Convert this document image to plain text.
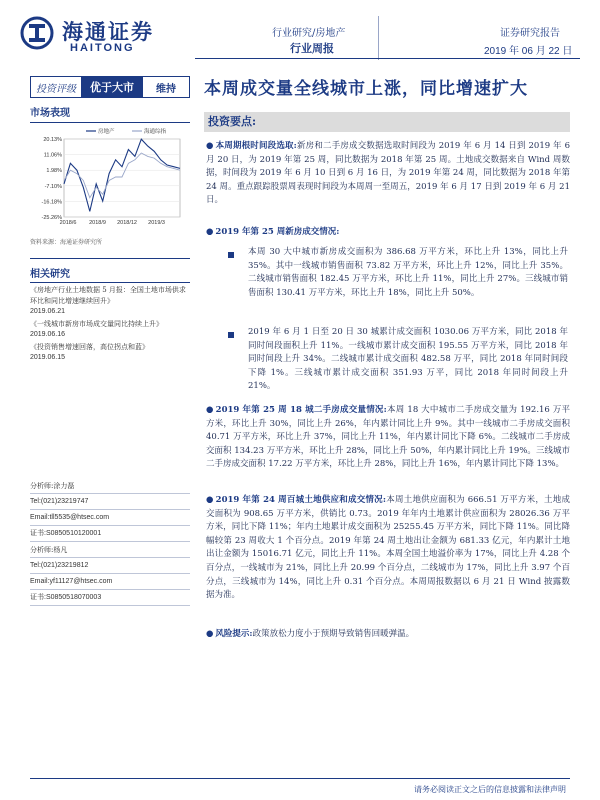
海通证券
HAITONG
行业研究/房地产
行业周报
证券研究报告
2019 年 06 月 22 日
投资评级	优于大市	维持	本周成交量全线城市上涨，同比增速扩大
市场表现
20.13%
11.06%
1.98%
-7.10%
-16.18%
-25.26%
2018/6 2018/9 2018/12 2019/3
房地产	海通综指
资料来源：海通证券研究所
相关研究
《房地产行业土地数据 5 月报：全国土地市场供求环比和同比增速继续回升》
2019.06.21
《一线城市新房市场成交量同比持续上升》
2019.06.16
《投资销售增速回落，高位拐点和蓝》
2019.06.15
分析师:涂力磊
Tel:(021)23219747
Email:tll5535@htsec.com
证书:S0850510120001
分析师:杨凡
Tel:(021)23219812
Email:yf11127@htsec.com
证书:S0850518070003
投资要点:
● 本周期根时间段选取:新房和二手房成交数据选取时间段为 2019 年 6 月 14 日到 2019 年 6 月 20 日，为 2019 年第 25 周，同比数据为 2018 年第 25 周。土地成交数据来自 Wind 周数据，时间段为 2019 年 6 月 10 日到 6 月 16 日，为 2019 年第 24 周，同比数据为 2018 年第 24 周。重点跟踪股票周表现时间段为本周周一至周五，2019 年 6 月 17 日到 2019 年 6 月 21 日。
● 2019 年第 25 周新房成交情况:
本周 30 大中城市新房成交面积为 386.68 万平方米，环比上升 13%，同比上升 35%。其中一线城市销售面积 73.82 万平方米，环比上升 12%，同比上升 35%。二线城市销售面积 182.45 万平方米，环比上升 11%，同比上升 27%。三线城市销售面积 130.41 万平方米，环比上升 18%，同比上升 50%。
2019 年 6 月 1 日至 20 日 30 城累计成交面积 1030.06 万平方米，同比 2018 年同时间段面积上升 11%。一线城市累计成交面积 195.55 万平方米，同比 2018 年同时间段上升 34%。二线城市累计成交面积 482.58 万平，同比 2018 年同时间段下降 1%。三线城市累计成交面积 351.93 万平，同比 2018 年同时间段上升 21%。
● 2019 年第 25 周 18 城二手房成交量情况:本周 18 大中城市二手房成交量为 192.16 万平方米，环比上升 30%，同比上升 26%，年内累计同比上升 9%。其中一线城市二手房成交面积 40.71 万平方米，环比上升 37%，同比上升 11%，年内累计同比下降 6%。二线城市二手房成交面积 134.23 万平方米，环比上升 28%，同比上升 50%，年内累计同比上升 19%。三线城市二手房成交面积 17.22 万平方米，环比上升 28%，同比上升 16%，年内累计同比下降 13%。
● 2019 年第 24 周百城土地供应和成交情况:本周土地供应面积为 666.51 万平方米，土地成交面积为 908.65 万平方米，供销比 0.73。2019 年年内土地累计供应面积为 28026.36 万平方米，同比下降 11%；年内土地累计成交面积为 25255.45 万平方米，同比下降 11%。同比降幅较第 23 周收大 1 个百分点。2019 年第 24 周土地出让金额为 681.33 亿元，年内累计土地出让金额为 15016.71 亿元，同比上升 11%。本周全国土地溢价率为 17%，同比上升 4.28 个百分点，一线城市为 21%，同比上升 20.99 个百分点，二线城市为 17%，同比上升 3.97 个百分点，三线城市为 14%，同比上升 0.31 个百分点。本周周报数据以 6 月 21 日 Wind 披露数据为准。
● 风险提示:政策放松力度小于预期导致销售回暖弹温。
请务必阅读正文之后的信息披露和法律声明
